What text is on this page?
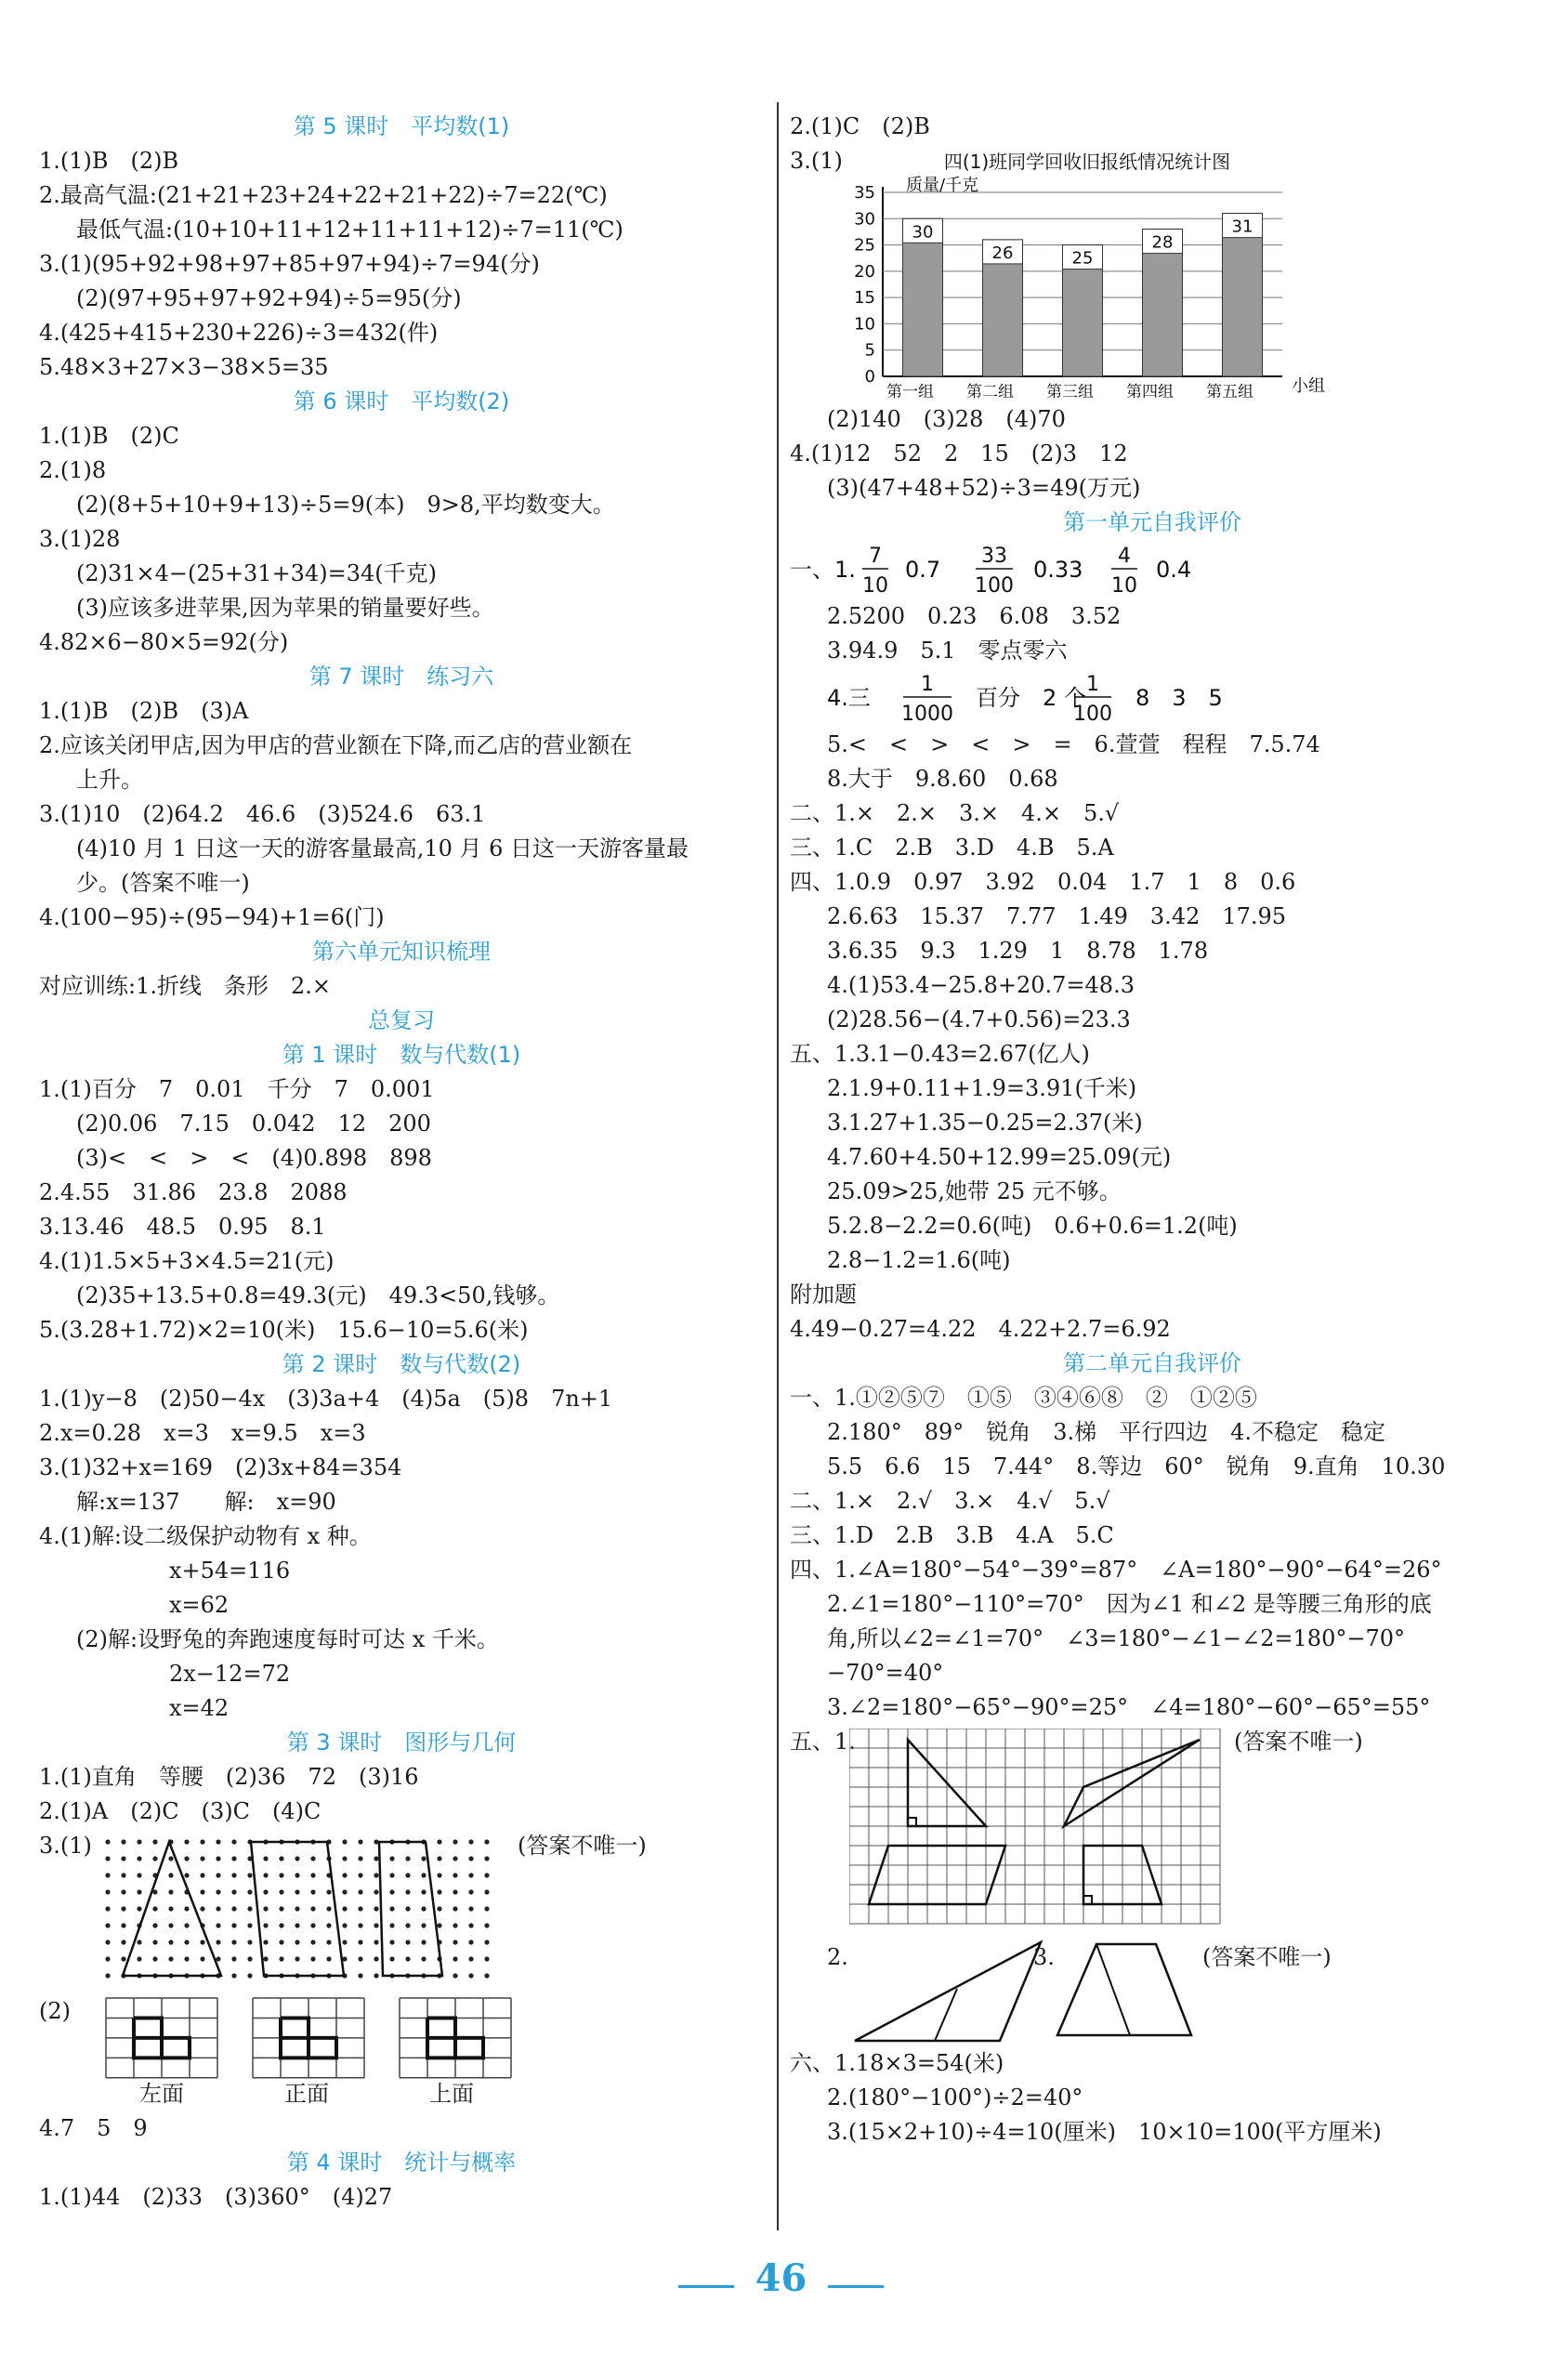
第 5 课时　平均数(1)
1.(1)B　(2)B
2.最高气温:(21+21+23+24+22+21+22)÷7=22(℃)
最低气温:(10+10+11+12+11+11+12)÷7=11(℃)
3.(1)(95+92+98+97+85+97+94)÷7=94(分)
(2)(97+95+97+92+94)÷5=95(分)
4.(425+415+230+226)÷3=432(件)
5.48×3+27×3−38×5=35
第 6 课时　平均数(2)
1.(1)B　(2)C
2.(1)8
(2)(8+5+10+9+13)÷5=9(本)　9>8,平均数变大。
3.(1)28
(2)31×4−(25+31+34)=34(千克)
(3)应该多进苹果,因为苹果的销量要好些。
4.82×6−80×5=92(分)
第 7 课时　练习六
1.(1)B　(2)B　(3)A
2.应该关闭甲店,因为甲店的营业额在下降,而乙店的营业额在
上升。
3.(1)10　(2)64.2　46.6　(3)524.6　63.1
(4)10 月 1 日这一天的游客量最高,10 月 6 日这一天游客量最
少。(答案不唯一)
4.(100−95)÷(95−94)+1=6(门)
第六单元知识梳理
对应训练:1.折线　条形　2.×
总复习
第 1 课时　数与代数(1)
1.(1)百分　7　0.01　千分　7　0.001
(2)0.06　7.15　0.042　12　200
(3)<　<　>　<　(4)0.898　898
2.4.55　31.86　23.8　2088
3.13.46　48.5　0.95　8.1
4.(1)1.5×5+3×4.5=21(元)
(2)35+13.5+0.8=49.3(元)　49.3<50,钱够。
5.(3.28+1.72)×2=10(米)　15.6−10=5.6(米)
第 2 课时　数与代数(2)
1.(1)y−8　(2)50−4x　(3)3a+4　(4)5a　(5)8　7n+1
2.x=0.28　x=3　x=9.5　x=3
3.(1)32+x=169　(2)3x+84=354
解:x=137　　解:　x=90
4.(1)解:设二级保护动物有 x 种。
x+54=116
x=62
(2)解:设野兔的奔跑速度每时可达 x 千米。
2x−12=72
x=42
第 3 课时　图形与几何
1.(1)直角　等腰　(2)36　72　(3)16
2.(1)A　(2)C　(3)C　(4)C
3.(1)	(答案不唯一)
(2)
左面	正面	上面
4.7　5　9
第 4 课时　统计与概率
1.(1)44　(2)33　(3)360°　(4)27
2.(1)C　(2)B
3.(1)	四(1)班同学回收旧报纸情况统计图
质量/千克
小组
0
5
10
15
20
25
30
35
30
第一组
26
第二组
25
第三组
28
第四组
31
第五组
(2)140　(3)28　(4)70
4.(1)12　52　2　15　(2)3　12
(3)(47+48+52)÷3=49(万元)
第一单元自我评价
一、1.
7
10
0.7
33
100
0.33
4
10
0.4
2.5200　0.23　6.08　3.52
3.94.9　5.1　零点零六
4.三
1
1000
百分　2 个
1
100
8　3　5
5.<　<　>　<　>　=　6.萱萱　程程　7.5.74
8.大于　9.8.60　0.68
二、1.×　2.×　3.×　4.×　5.√
三、1.C　2.B　3.D　4.B　5.A
四、1.0.9　0.97　3.92　0.04　1.7　1　8　0.6
2.6.63　15.37　7.77　1.49　3.42　17.95
3.6.35　9.3　1.29　1　8.78　1.78
4.(1)53.4−25.8+20.7=48.3
(2)28.56−(4.7+0.56)=23.3
五、1.3.1−0.43=2.67(亿人)
2.1.9+0.11+1.9=3.91(千米)
3.1.27+1.35−0.25=2.37(米)
4.7.60+4.50+12.99=25.09(元)
25.09>25,她带 25 元不够。
5.2.8−2.2=0.6(吨)　0.6+0.6=1.2(吨)
2.8−1.2=1.6(吨)
附加题
4.49−0.27=4.22　4.22+2.7=6.92
第二单元自我评价
一、1.①②⑤⑦　①⑤　③④⑥⑧　②　①②⑤
2.180°　89°　锐角　3.梯　平行四边　4.不稳定　稳定
5.5　6.6　15　7.44°　8.等边　60°　锐角　9.直角　10.30
二、1.×　2.√　3.×　4.√　5.√
三、1.D　2.B　3.B　4.A　5.C
四、1.∠A=180°−54°−39°=87°　∠A=180°−90°−64°=26°
2.∠1=180°−110°=70°　因为∠1 和∠2 是等腰三角形的底
角,所以∠2=∠1=70°　∠3=180°−∠1−∠2=180°−70°
−70°=40°
3.∠2=180°−65°−90°=25°　∠4=180°−60°−65°=55°
五、1.	(答案不唯一)
2.	3.	(答案不唯一)
六、1.18×3=54(米)
2.(180°−100°)÷2=40°
3.(15×2+10)÷4=10(厘米)　10×10=100(平方厘米)
46
